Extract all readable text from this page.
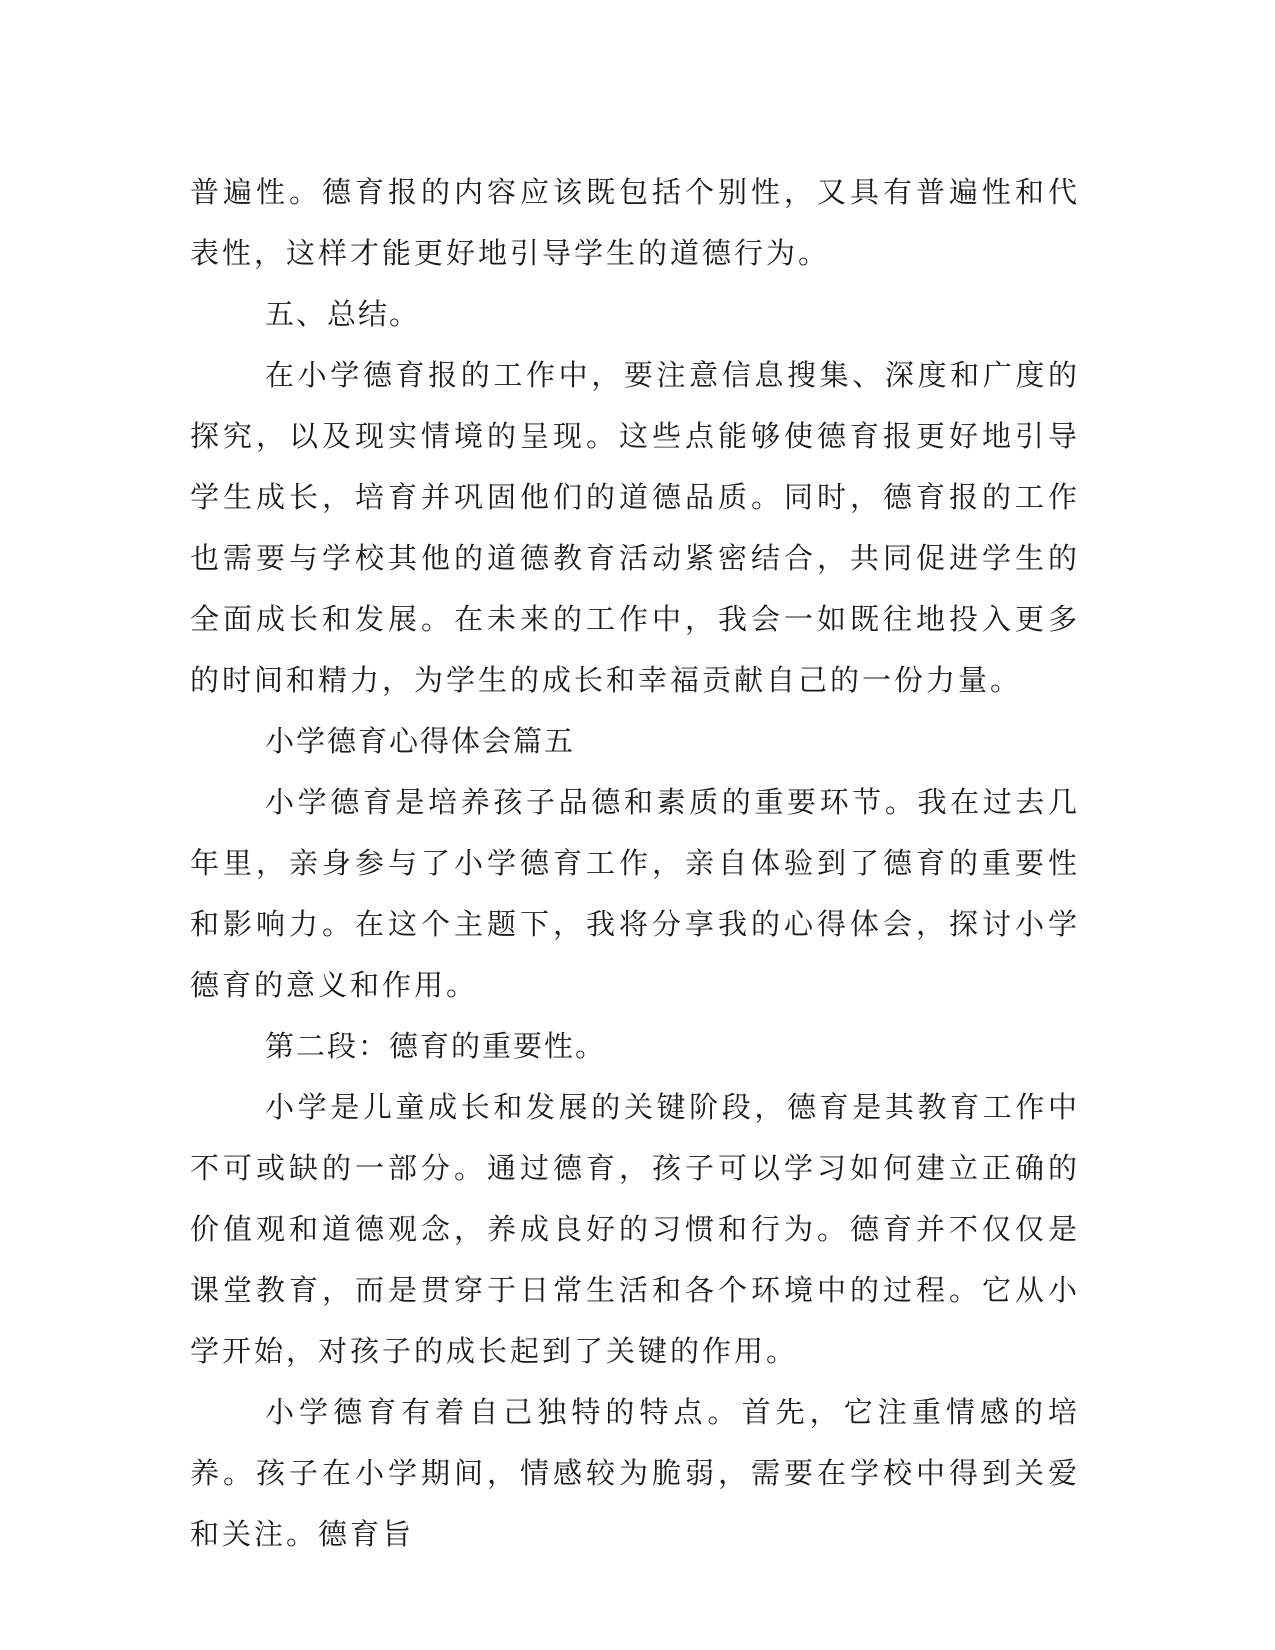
普遍性。德育报的内容应该既包括个别性，又具有普遍性和代表性，这样才能更好地引导学生的道德行为。

五、总结。

在小学德育报的工作中，要注意信息搜集、深度和广度的探究，以及现实情境的呈现。这些点能够使德育报更好地引导学生成长，培育并巩固他们的道德品质。同时，德育报的工作也需要与学校其他的道德教育活动紧密结合，共同促进学生的全面成长和发展。在未来的工作中，我会一如既往地投入更多的时间和精力，为学生的成长和幸福贡献自己的一份力量。

小学德育心得体会篇五

小学德育是培养孩子品德和素质的重要环节。我在过去几年里，亲身参与了小学德育工作，亲自体验到了德育的重要性和影响力。在这个主题下，我将分享我的心得体会，探讨小学德育的意义和作用。

第二段：德育的重要性。

小学是儿童成长和发展的关键阶段，德育是其教育工作中不可或缺的一部分。通过德育，孩子可以学习如何建立正确的价值观和道德观念，养成良好的习惯和行为。德育并不仅仅是课堂教育，而是贯穿于日常生活和各个环境中的过程。它从小学开始，对孩子的成长起到了关键的作用。

小学德育有着自己独特的特点。首先，它注重情感的培养。孩子在小学期间，情感较为脆弱，需要在学校中得到关爱和关注。德育旨
